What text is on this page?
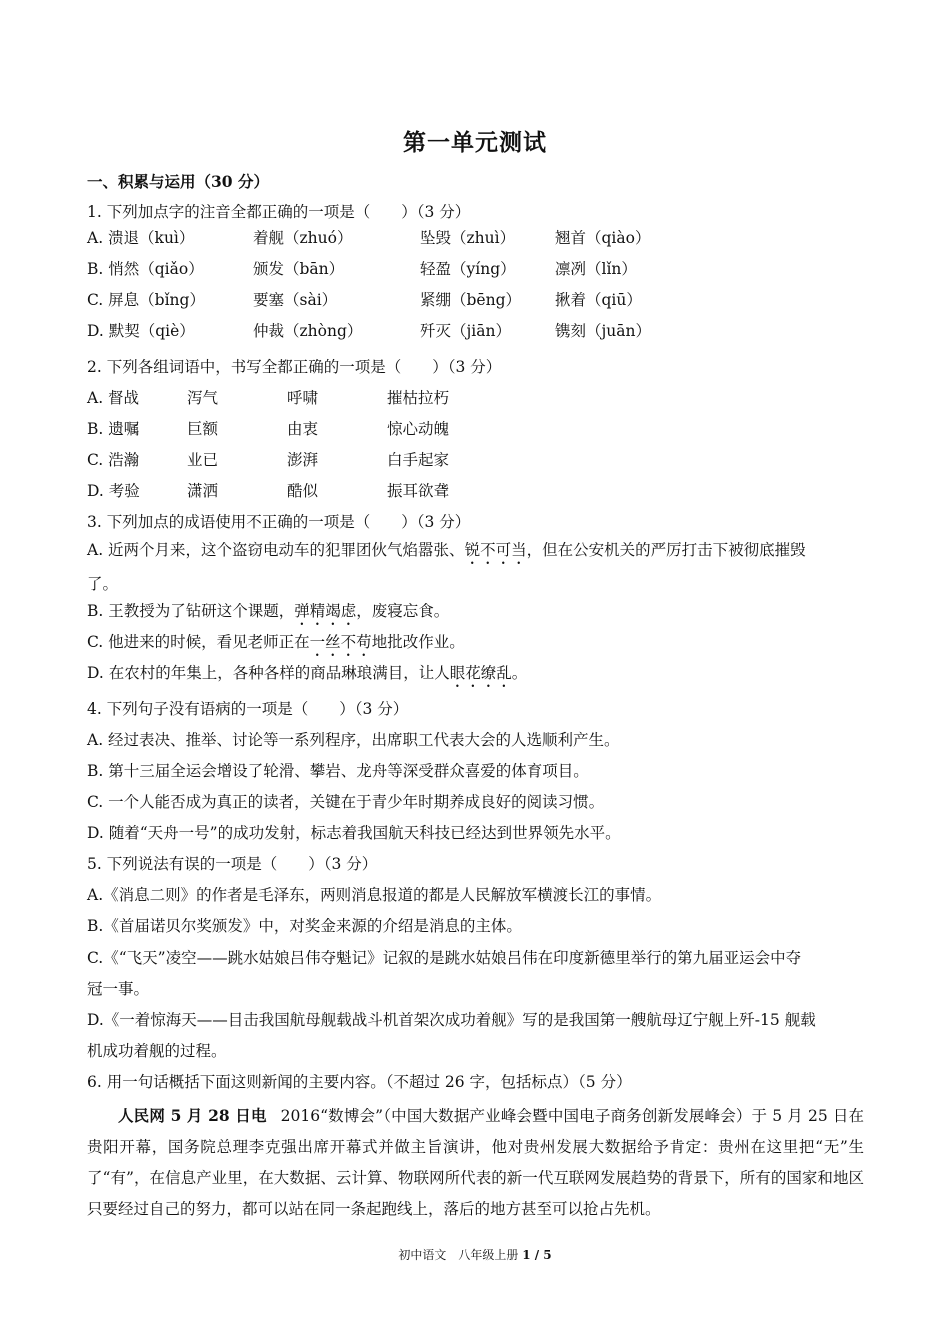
第一单元测试
一、积累与运用（30 分）
1. 下列加点字的注音全都正确的一项是（　　）（3 分）
A. 溃退（kuì）	着舰（zhuó）	坠毁（zhuì）	翘首（qiào）
B. 悄然（qiǎo）	颁发（bān）	轻盈（yíng）	凛冽（lǐn）
C. 屏息（bǐng）	要塞（sài）	紧绷（bēng） 揪着（qiū）
D. 默契（qiè）	仲裁（zhòng）	歼灭（jiān）	镌刻（juān）
2. 下列各组词语中，书写全都正确的一项是（　　）（3 分）
A. 督战	泻气	呼啸	摧枯拉朽
B. 遗嘱	巨额	由衷	惊心动魄
C. 浩瀚	业已	澎湃	白手起家
D. 考验	潇洒	酷似	振耳欲聋
3. 下列加点的成语使用不正确的一项是（　　）（3 分）
A. 近两个月来，这个盗窃电动车的犯罪团伙气焰嚣张、锐不可当，但在公安机关的严厉打击下被彻底摧毁
了。
B. 王教授为了钻研这个课题，弹精竭虑，废寝忘食。
C. 他进来的时候，看见老师正在一丝不苟地批改作业。
D. 在农村的年集上，各种各样的商品琳琅满目，让人眼花缭乱。
4. 下列句子没有语病的一项是（　　）（3 分）
A. 经过表决、推举、讨论等一系列程序，出席职工代表大会的人选顺利产生。
B. 第十三届全运会增设了轮滑、攀岩、龙舟等深受群众喜爱的体育项目。
C. 一个人能否成为真正的读者，关键在于青少年时期养成良好的阅读习惯。
D. 随着“天舟一号”的成功发射，标志着我国航天科技已经达到世界领先水平。
5. 下列说法有误的一项是（　　）（3 分）
A.《消息二则》的作者是毛泽东，两则消息报道的都是人民解放军横渡长江的事情。
B.《首届诺贝尔奖颁发》中，对奖金来源的介绍是消息的主体。
C.《“飞天”凌空——跳水姑娘吕伟夺魁记》记叙的是跳水姑娘吕伟在印度新德里举行的第九届亚运会中夺
冠一事。
D.《一着惊海天——目击我国航母舰载战斗机首架次成功着舰》写的是我国第一艘航母辽宁舰上歼-15 舰载
机成功着舰的过程。
6. 用一句话概括下面这则新闻的主要内容。（不超过 26 字，包括标点）（5 分）
人民网 5 月 28 日电 2016“数博会”（中国大数据产业峰会暨中国电子商务创新发展峰会）于 5 月 25 日在贵阳开幕，国务院总理李克强出席开幕式并做主旨演讲，他对贵州发展大数据给予肯定：贵州在这里把“无”生了“有”，在信息产业里，在大数据、云计算、物联网所代表的新一代互联网发展趋势的背景下，所有的国家和地区只要经过自己的努力，都可以站在同一条起跑线上，落后的地方甚至可以抢占先机。
初中语文　八年级上册 1 / 5
